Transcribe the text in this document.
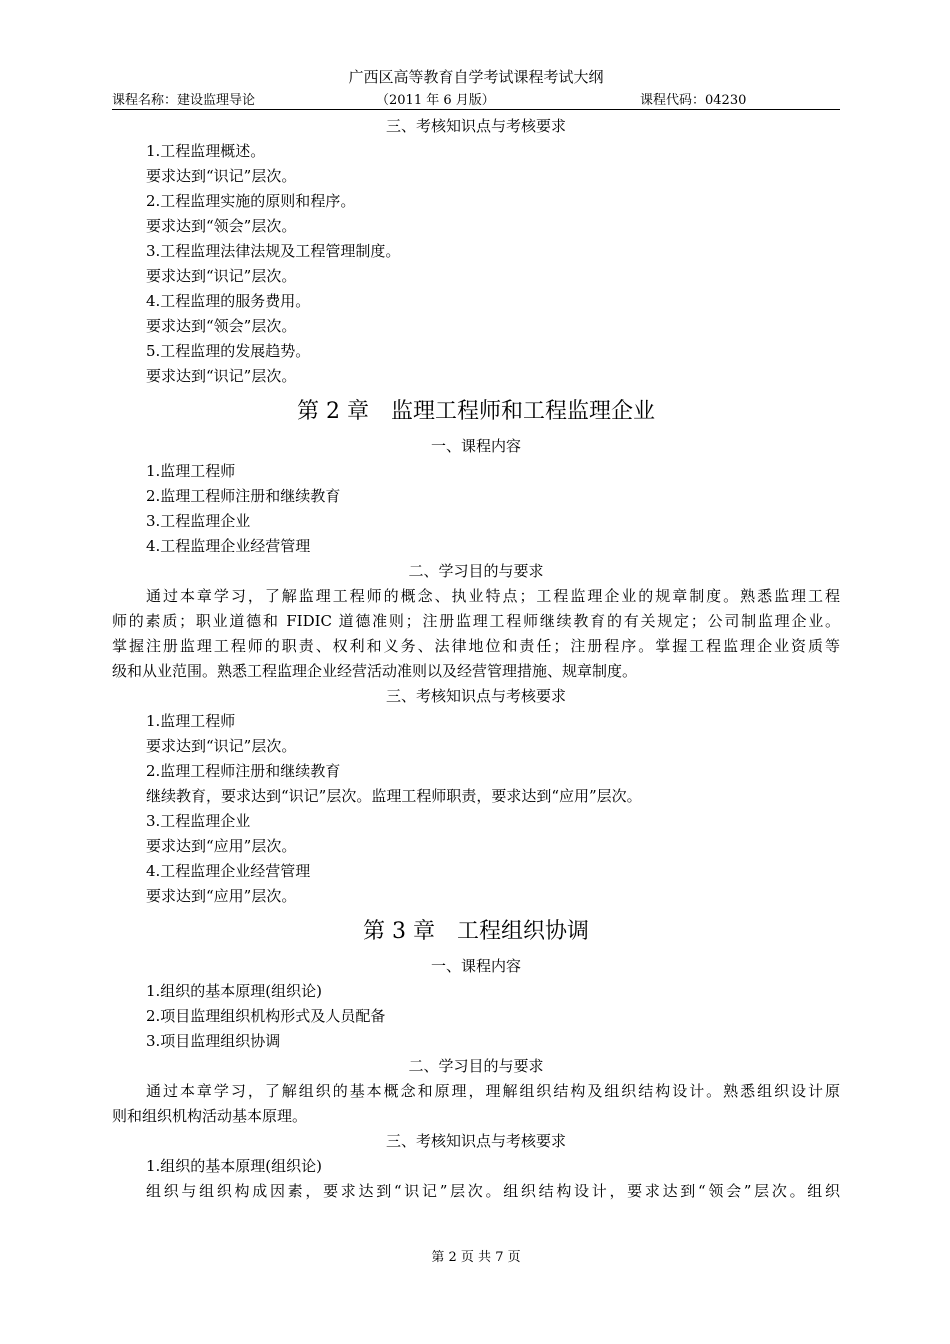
广西区高等教育自学考试课程考试大纲
课程名称：建设监理导论	（2011 年 6 月版）	课程代码：04230
三、考核知识点与考核要求
1.工程监理概述。
要求达到“识记”层次。
2.工程监理实施的原则和程序。
要求达到“领会”层次。
3.工程监理法律法规及工程管理制度。
要求达到“识记”层次。
4.工程监理的服务费用。
要求达到“领会”层次。
5.工程监理的发展趋势。
要求达到“识记”层次。
第 2 章　监理工程师和工程监理企业
一、课程内容
1.监理工程师
2.监理工程师注册和继续教育
3.工程监理企业
4.工程监理企业经营管理
二、学习目的与要求
通过本章学习，了解监理工程师的概念、执业特点；工程监理企业的规章制度。熟悉监理工程
师的素质；职业道德和 FIDIC 道德准则；注册监理工程师继续教育的有关规定；公司制监理企业。
掌握注册监理工程师的职责、权利和义务、法律地位和责任；注册程序。掌握工程监理企业资质等
级和从业范围。熟悉工程监理企业经营活动准则以及经营管理措施、规章制度。
三、考核知识点与考核要求
1.监理工程师
要求达到“识记”层次。
2.监理工程师注册和继续教育
继续教育，要求达到“识记”层次。监理工程师职责，要求达到“应用”层次。
3.工程监理企业
要求达到“应用”层次。
4.工程监理企业经营管理
要求达到“应用”层次。
第 3 章　工程组织协调
一、课程内容
1.组织的基本原理(组织论)
2.项目监理组织机构形式及人员配备
3.项目监理组织协调
二、学习目的与要求
通过本章学习，了解组织的基本概念和原理，理解组织结构及组织结构设计。熟悉组织设计原
则和组织机构活动基本原理。
三、考核知识点与考核要求
1.组织的基本原理(组织论)
组织与组织构成因素，要求达到“识记”层次。组织结构设计，要求达到“领会”层次。组织
第 2 页 共 7 页
